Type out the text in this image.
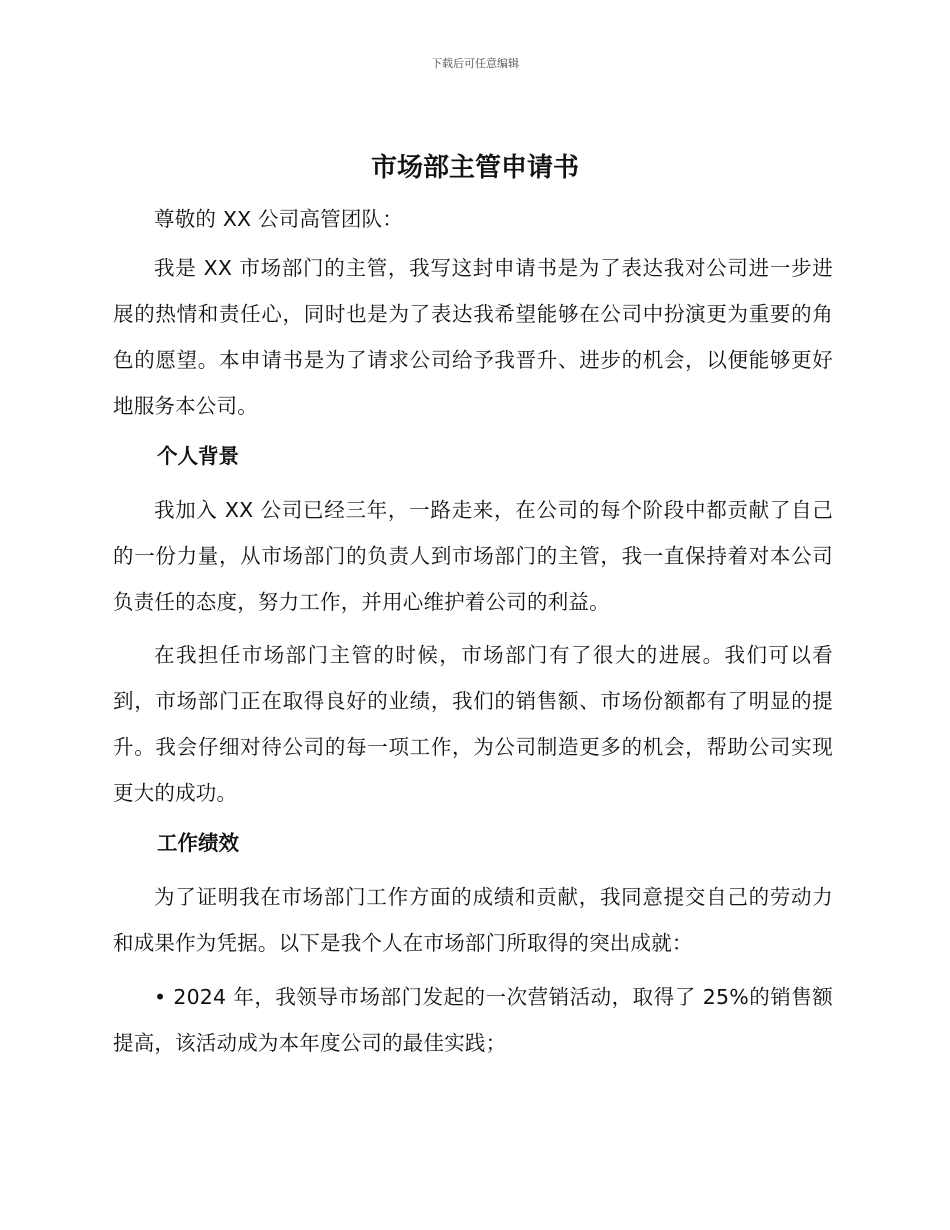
下载后可任意编辑
市场部主管申请书

尊敬的 XX 公司高管团队：

我是 XX 市场部门的主管，我写这封申请书是为了表达我对公司进一步进展的热情和责任心，同时也是为了表达我希望能够在公司中扮演更为重要的角色的愿望。本申请书是为了请求公司给予我晋升、进步的机会，以便能够更好地服务本公司。

个人背景

我加入 XX 公司已经三年，一路走来，在公司的每个阶段中都贡献了自己的一份力量，从市场部门的负责人到市场部门的主管，我一直保持着对本公司负责任的态度，努力工作，并用心维护着公司的利益。

在我担任市场部门主管的时候，市场部门有了很大的进展。我们可以看到，市场部门正在取得良好的业绩，我们的销售额、市场份额都有了明显的提升。我会仔细对待公司的每一项工作，为公司制造更多的机会，帮助公司实现更大的成功。

工作绩效

为了证明我在市场部门工作方面的成绩和贡献，我同意提交自己的劳动力和成果作为凭据。以下是我个人在市场部门所取得的突出成就：

• 2024 年，我领导市场部门发起的一次营销活动，取得了 25%的销售额提高，该活动成为本年度公司的最佳实践；
